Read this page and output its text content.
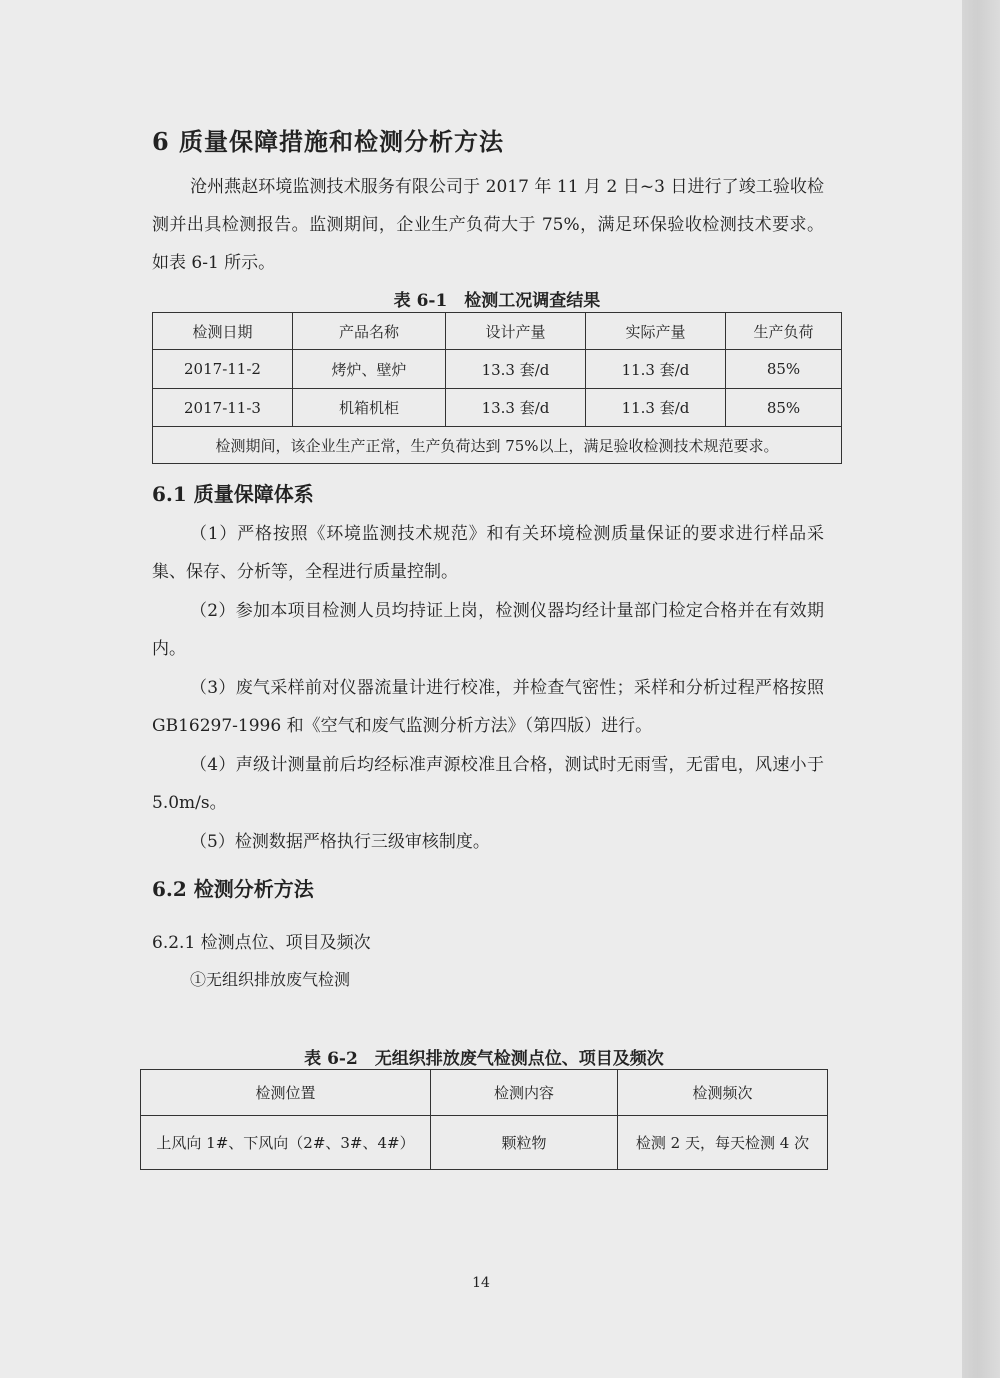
6 质量保障措施和检测分析方法
沧州燕赵环境监测技术服务有限公司于 2017 年 11 月 2 日~3 日进行了竣工验收检测并出具检测报告。监测期间，企业生产负荷大于 75%，满足环保验收检测技术要求。如表 6-1 所示。
表 6-1　检测工况调查结果
检测日期	产品名称	设计产量	实际产量	生产负荷
2017-11-2	烤炉、壁炉	13.3 套/d	11.3 套/d	85%
2017-11-3	机箱机柜	13.3 套/d	11.3 套/d	85%
检测期间，该企业生产正常，生产负荷达到 75%以上，满足验收检测技术规范要求。				
6.1 质量保障体系
（1）严格按照《环境监测技术规范》和有关环境检测质量保证的要求进行样品采集、保存、分析等，全程进行质量控制。
（2）参加本项目检测人员均持证上岗，检测仪器均经计量部门检定合格并在有效期内。
（3）废气采样前对仪器流量计进行校准，并检查气密性；采样和分析过程严格按照 GB16297-1996 和《空气和废气监测分析方法》（第四版）进行。
（4）声级计测量前后均经标准声源校准且合格，测试时无雨雪，无雷电，风速小于 5.0m/s。
（5）检测数据严格执行三级审核制度。
6.2 检测分析方法
6.2.1 检测点位、项目及频次
①无组织排放废气检测
表 6-2　无组织排放废气检测点位、项目及频次
检测位置	检测内容	检测频次
上风向 1#、下风向（2#、3#、4#）	颗粒物	检测 2 天，每天检测 4 次
14
